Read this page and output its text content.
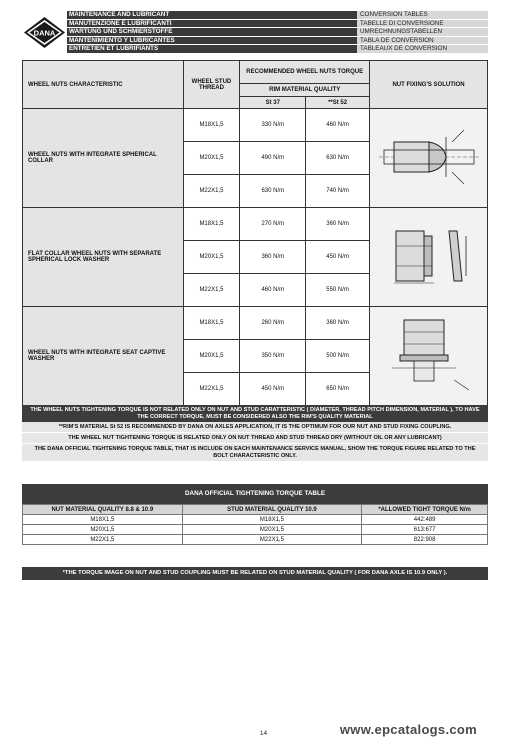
DANA
MAINTENANCE AND LUBRICANT	CONVERSION TABLES
MANUTENZIONE E LUBRIFICANTI	TABELLE DI CONVERSIONE
WARTUNG UND SCHMIERSTOFFE	UMRECHNUNGSTABELLEN
MANTENIMIENTO Y LUBRICANTES	TABLA DE CONVERSION
ENTRETIEN ET LUBRIFIANTS	TABLEAUX DE CONVERSION
WHEEL NUTS CHARACTERISTIC	WHEEL STUD THREAD	RECOMMENDED WHEEL NUTS TORQUE		NUT FIXING'S SOLUTION
		RIM MATERIAL QUALITY		
		St 37	**St 52	
WHEEL NUTS WITH INTEGRATE SPHERICAL COLLAR	M18X1,5	330 N/m	460 N/m	
	M20X1,5	490 N/m	630 N/m	
	M22X1,5	630 N/m	740 N/m	
FLAT COLLAR WHEEL NUTS WITH SEPARATE SPHERICAL LOCK WASHER	M18X1,5	270 N/m	360 N/m	
	M20X1,5	360 N/m	450 N/m	
	M22X1,5	460 N/m	550 N/m	
WHEEL NUTS WITH INTEGRATE SEAT CAPTIVE WASHER	M18X1,5	260 N/m	360 N/m	
	M20X1,5	350 N/m	500 N/m	
	M22X1,5	450 N/m	650 N/m	
THE WHEEL NUTS TIGHTENING TORQUE IS NOT RELATED ONLY ON NUT AND STUD CARATTERISTIC ( DIAMETER, THREAD PITCH DIMENSION, MATERIAL ), TO HAVE THE CORRECT TORQUE, MUST BE CONSIDERED ALSO THE RIM'S QUALITY MATERIAL
**RIM'S MATERIAL St 52 IS RECOMMENDED BY DANA ON AXLES APPLICATION, IT IS THE OPTIMUM FOR OUR NUT AND STUD FIXING COUPLING.
THE WHEEL NUT TIGHTENING TORQUE IS RELATED ONLY ON NUT THREAD AND STUD THREAD DRY (WITHOUT OIL OR ANY LUBRICANT)
THE DANA OFFICIAL TIGHTENING TORQUE TABLE, THAT IS INCLUDE ON EACH MAINTENANCE SERVICE MANUAL, SHOW THE TORQUE FIGURE RELATED TO THE BOLT CHARACTERISTIC ONLY.
DANA OFFICIAL TIGHTENING TORQUE TABLE
NUT MATERIAL QUALITY 8.8 & 10.9	STUD MATERIAL QUALITY 10.9	*ALLOWED TIGHT TORQUE N/m
M18X1,5	M18X1,5	442:489
M20X1,5	M20X1,5	613:677
M22X1,5	M22X1,5	822:908
*THE TORQUE IMAGE ON NUT AND STUD COUPLING MUST BE RELATED ON STUD MATERIAL QUALITY ( FOR DANA AXLE IS 10.9 ONLY ).
www.epcatalogs.com
14
